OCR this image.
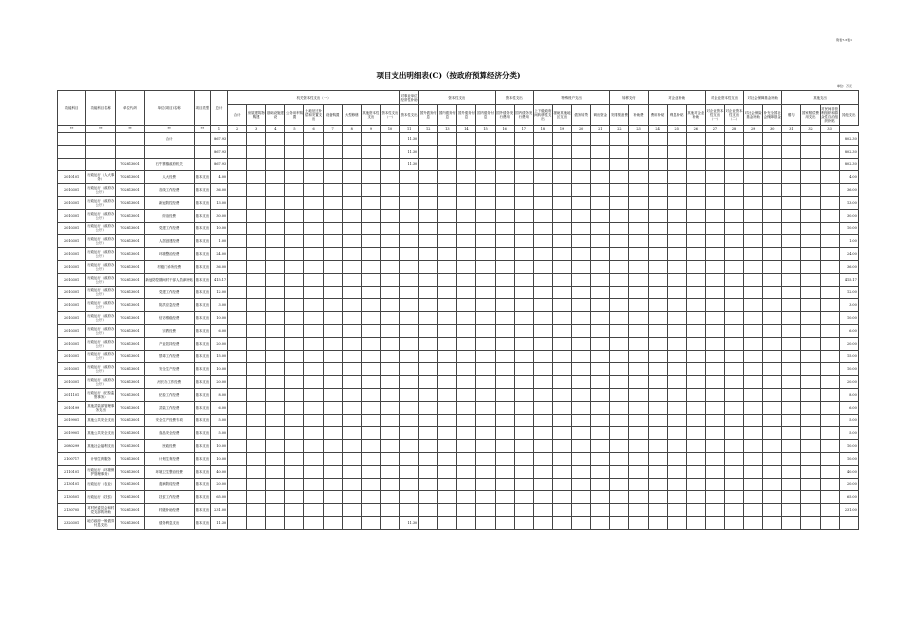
附表7-3表1
项目支出明细表(C)（按政府预算经济分类)
单位：万元
功能科目	功能科目名称	单位代码	单位(项目)名称	项目类型	总计	机关资本性支出（一）									对事业单位经常性补助	资本性支出				资本性支出		特殊账户支出				转移支付		对企业补助			对企业资本性支出		对社会保障基金补助		其他支出			
						合计	房屋建筑物购建	基础设施建设	公务用车购置	土地征迁补偿和安置支出	设备购置	大型修缮	其他资本性支出	资本性支出（一）	资本性支出	国外债务付息	国内债务付息	国外债务付息	国内债务付息	国外债务发行费用	国内债务发行费用	上下级政府间转移性支出	援助其他地区支出	债务转贷	调出资金	安排预备费	补助费	费用补贴	利息补贴	其他对企业补助	对企业资本性支出（一）	对企业资本性支出（二）	对社会保险基金补助	补充全国社会保障基金	赠与	国家赔偿费用支出	对民间非营利组织和群众性自治组织补贴	其他支出
**	**	**	**	**	1	2	3	4	5	6	7	8	9	10	11	12	13	14	15	16	17	18	19	20	21	22	23	24	25	26	27	28	29	30	31	32	33	
			合计		867.93										11.30																							802.30
					867.93										11.30																							802.30
		702813001	石牛寨镇政府机关		867.93										11.30																							802.30
2010101	行政运行（人大事务）	702813001	人大经费	基本支出	4.00																																	4.00
2010301	行政运行（政府办公厅）	702813001	各线工作经费	基本支出	36.00																																	36.00
2010301	行政运行（政府办公厅）	702813001	新冠防控经费	基本支出	13.00																																	13.00
2010301	行政运行（政府办公厅）	702813001	综治经费	基本支出	30.00																																	30.00
2010301	行政运行（政府办公厅）	702813001	党建工作经费	基本支出	10.00																																	10.00
2010301	行政运行（政府办公厅）	702813001	人居创建经费	基本支出	1.00																																	1.00
2010301	行政运行（政府办公厅）	702813001	环境整治经费	基本支出	24.00																																	24.00
2010301	行政运行（政府办公厅）	702813001	村级门诊所经费	基本支出	36.00																																	36.00
2010301	行政运行（政府办公厅）	702813001	新冠防控期间村干部人员津补贴	基本支出	415.17																																	415.17
2010301	行政运行（政府办公厅）	702813001	党建工作经费	基本支出	12.00																																	12.00
2010301	行政运行（政府办公厅）	702813001	防洪应急经费	基本支出	3.00																																	3.00
2010301	行政运行（政府办公厅）	702813001	信访维稳经费	基本支出	10.00																																	10.00
2010301	行政运行（政府办公厅）	702813001	宗教经费	基本支出	6.00																																	6.00
2010301	行政运行（政府办公厅）	702813001	产业扶持经费	基本支出	20.00																																	20.00
2010301	行政运行（政府办公厅）	702813001	禁毒工作经费	基本支出	15.00																																	15.00
2010301	行政运行（政府办公厅）	702813001	安全生产经费	基本支出	10.00																																	10.00
2010301	行政运行（政府办公厅）	702813001	河长办工作经费	基本支出	20.00																																	20.00
2011101	行政运行（纪检监察事务）	702813001	纪检工作经费	基本支出	8.00																																	8.00
2010199	其他武装部管理事务支出	702813001	武装工作经费	基本支出	6.00																																	6.00
2019901	其他公共安全支出	702813001	安全生产经费专项	基本支出	5.00																																	5.00
2019901	其他公共安全支出	702813001	食品安全经费	基本支出	5.00																																	5.00
2080299	其他社会福利支出	702813001	民政经费	基本支出	10.00																																	10.00
2100717	计划生育服务	702813001	计划生育经费	基本支出	10.00																																	10.00
2110101	行政运行（环境保护管理事务）	702813001	环境卫生整治经费	基本支出	40.00																																	40.00
2130101	行政运行（农业）	702813001	禽病防疫经费	基本支出	20.00																																	20.00
2130501	行政运行（扶贫）	702813001	扶贫工作经费	基本支出	65.00																																	65.00
2130705	对村民委员会和村党支部的补助	702813001	村级补助经费	基本支出	231.00																																	231.00
2320301	地方政府一般债券付息支出	702813001	债务利息支出	基本支出	11.30										11.30																							
